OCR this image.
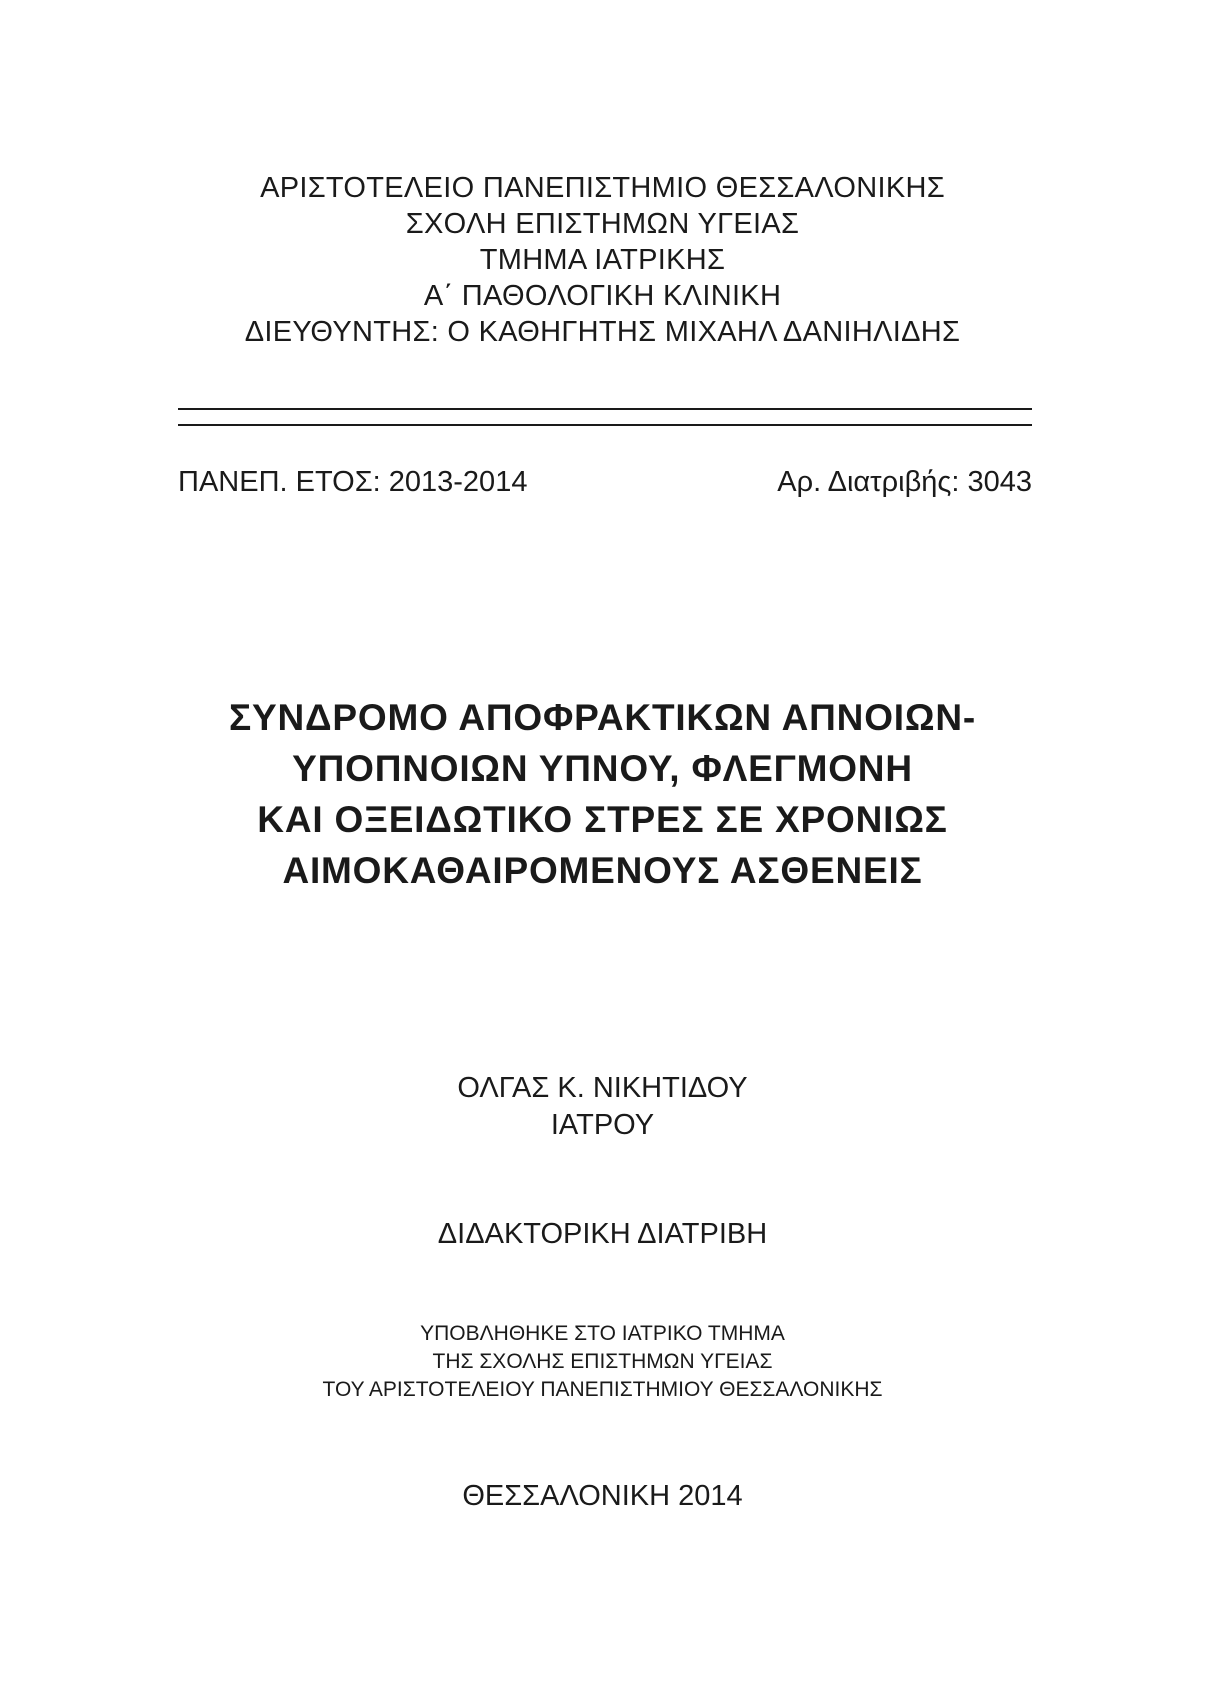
ΑΡΙΣΤΟΤΕΛΕΙΟ ΠΑΝΕΠΙΣΤΗΜΙΟ ΘΕΣΣΑΛΟΝΙΚΗΣ
ΣΧΟΛΗ ΕΠΙΣΤΗΜΩΝ ΥΓΕΙΑΣ
ΤΜΗΜΑ ΙΑΤΡΙΚΗΣ
Α΄ ΠΑΘΟΛΟΓΙΚΗ ΚΛΙΝΙΚΗ
ΔΙΕΥΘΥΝΤΗΣ: Ο ΚΑΘΗΓΗΤΗΣ ΜΙΧΑΗΛ ΔΑΝΙΗΛΙΔΗΣ
ΠΑΝΕΠ. ΕΤΟΣ: 2013-2014	Αρ. Διατριβής: 3043
ΣΥΝΔΡΟΜΟ ΑΠΟΦΡΑΚΤΙΚΩΝ ΑΠΝΟΙΩΝ-
ΥΠΟΠΝΟΙΩΝ ΥΠΝΟΥ, ΦΛΕΓΜΟΝΗ
ΚΑΙ ΟΞΕΙΔΩΤΙΚΟ ΣΤΡΕΣ ΣΕ ΧΡΟΝΙΩΣ
ΑΙΜΟΚΑΘΑΙΡΟΜΕΝΟΥΣ ΑΣΘΕΝΕΙΣ
ΟΛΓΑΣ Κ. ΝΙΚΗΤΙΔΟΥ
ΙΑΤΡΟΥ
ΔΙΔΑΚΤΟΡΙΚΗ ΔΙΑΤΡΙΒΗ
ΥΠΟΒΛΗΘΗΚΕ ΣΤΟ ΙΑΤΡΙΚΟ ΤΜΗΜΑ
ΤΗΣ ΣΧΟΛΗΣ ΕΠΙΣΤΗΜΩΝ ΥΓΕΙΑΣ
ΤΟΥ ΑΡΙΣΤΟΤΕΛΕΙΟΥ ΠΑΝΕΠΙΣΤΗΜΙΟΥ ΘΕΣΣΑΛΟΝΙΚΗΣ
ΘΕΣΣΑΛΟΝΙΚΗ 2014
